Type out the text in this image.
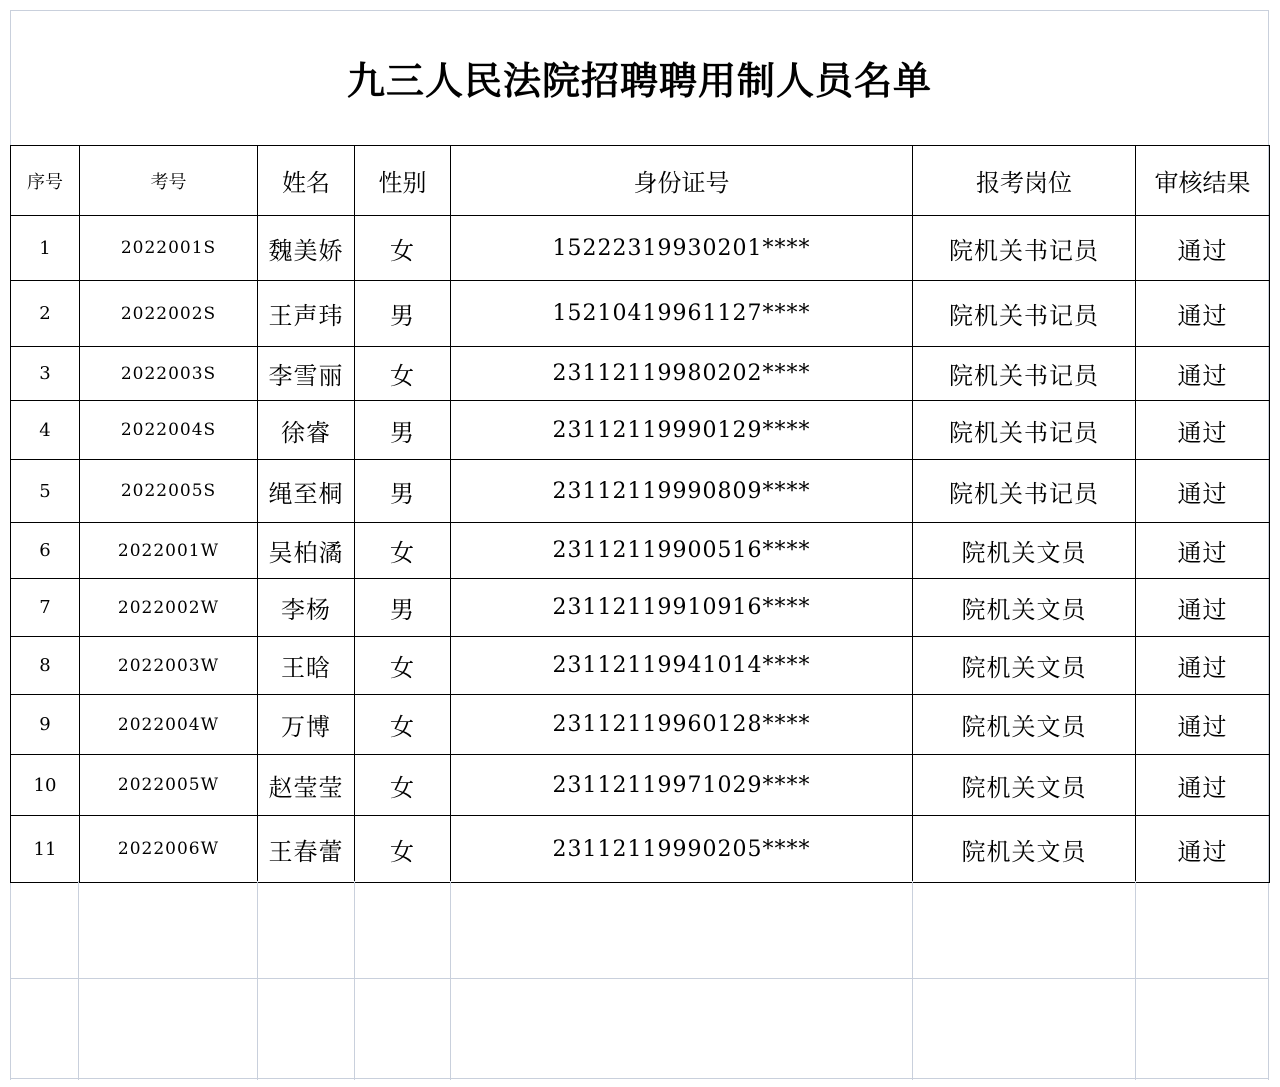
九三人民法院招聘聘用制人员名单
序号	考号	姓名	性别	身份证号	报考岗位	审核结果
1	2022001S	魏美娇	女	15222319930201****	院机关书记员	通过
2	2022002S	王声玮	男	15210419961127****	院机关书记员	通过
3	2022003S	李雪丽	女	23112119980202****	院机关书记员	通过
4	2022004S	徐睿	男	23112119990129****	院机关书记员	通过
5	2022005S	绳至桐	男	23112119990809****	院机关书记员	通过
6	2022001W	吴柏潏	女	23112119900516****	院机关文员	通过
7	2022002W	李杨	男	23112119910916****	院机关文员	通过
8	2022003W	王晗	女	23112119941014****	院机关文员	通过
9	2022004W	万博	女	23112119960128****	院机关文员	通过
10	2022005W	赵莹莹	女	23112119971029****	院机关文员	通过
11	2022006W	王春蕾	女	23112119990205****	院机关文员	通过
